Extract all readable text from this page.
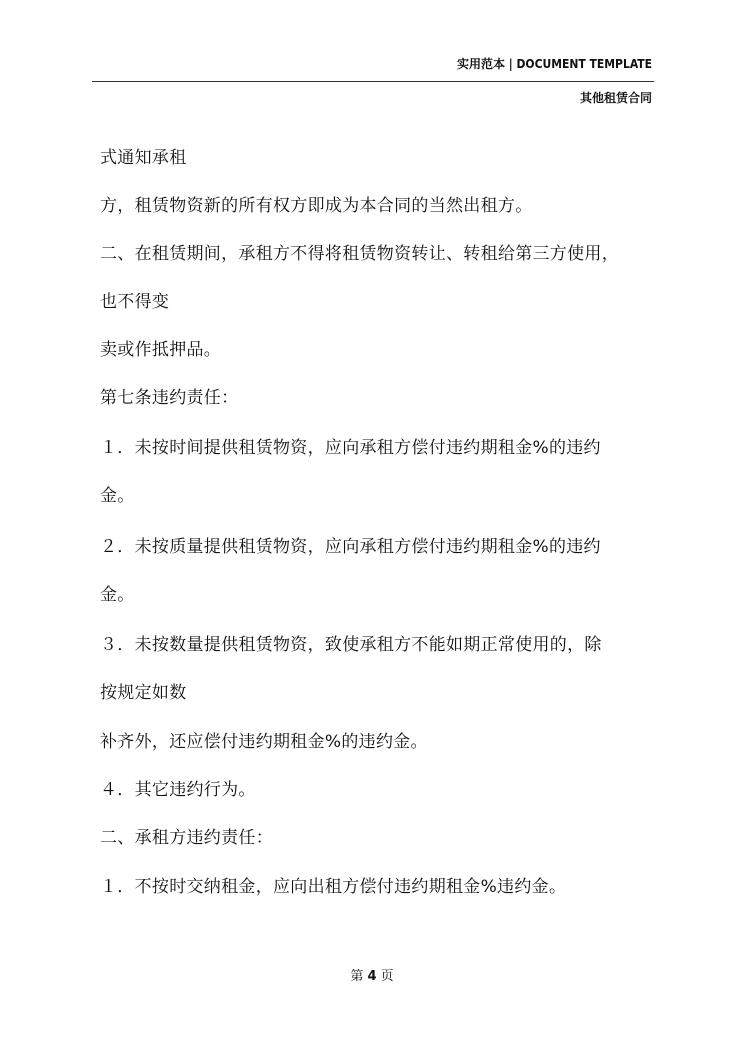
实用范本 | DOCUMENT TEMPLATE
其他租赁合同
式通知承租
方，租赁物资新的所有权方即成为本合同的当然出租方。
二、在租赁期间，承租方不得将租赁物资转让、转租给第三方使用，
也不得变
卖或作抵押品。
第七条违约责任：
１．未按时间提供租赁物资，应向承租方偿付违约期租金%的违约
金。
２．未按质量提供租赁物资，应向承租方偿付违约期租金%的违约
金。
３．未按数量提供租赁物资，致使承租方不能如期正常使用的，除
按规定如数
补齐外，还应偿付违约期租金%的违约金。
４．其它违约行为。
二、承租方违约责任：
１．不按时交纳租金，应向出租方偿付违约期租金%违约金。
第 4 页
